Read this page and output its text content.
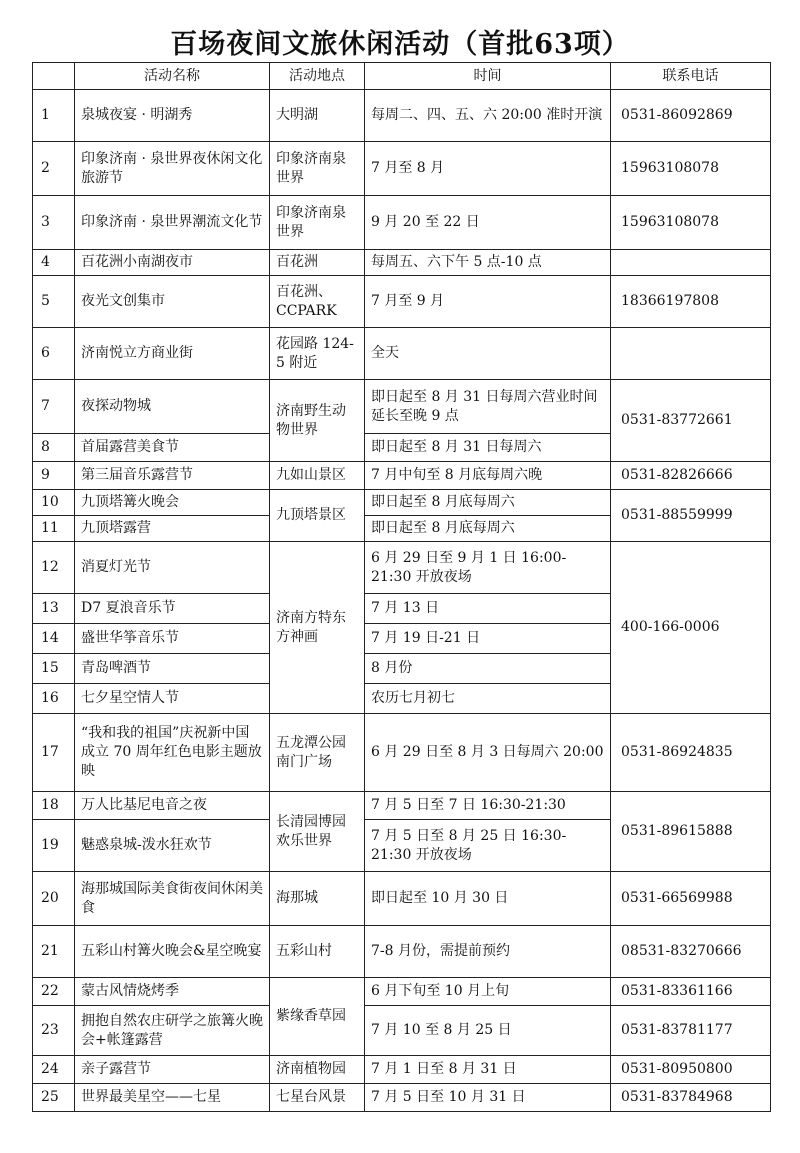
百场夜间文旅休闲活动（首批63项）
	活动名称	活动地点	时间	联系电话
1	泉城夜宴 · 明湖秀	大明湖	每周二、四、五、六 20:00 准时开演	0531-86092869
2	印象济南 · 泉世界夜休闲文化旅游节	印象济南泉世界	7 月至 8 月	15963108078
3	印象济南 · 泉世界潮流文化节	印象济南泉世界	9 月 20 至 22 日	15963108078
4	百花洲小南湖夜市	百花洲	每周五、六下午 5 点-10 点	
5	夜光文创集市	百花洲、CCPARK	7 月至 9 月	18366197808
6	济南悦立方商业街	花园路 124-5 附近	全天	
7	夜探动物城	济南野生动物世界	即日起至 8 月 31 日每周六营业时间延长至晚 9 点	0531-83772661
8	首届露营美食节		即日起至 8 月 31 日每周六	
9	第三届音乐露营节	九如山景区	7 月中旬至 8 月底每周六晚	0531-82826666
10	九顶塔篝火晚会	九顶塔景区	即日起至 8 月底每周六	0531-88559999
11	九顶塔露营		即日起至 8 月底每周六	
12	消夏灯光节	济南方特东方神画	6 月 29 日至 9 月 1 日 16:00-21:30 开放夜场	400-166-0006
13	D7 夏浪音乐节		7 月 13 日	
14	盛世华筝音乐节		7 月 19 日-21 日	
15	青岛啤酒节		8 月份	
16	七夕星空情人节		农历七月初七	
17	“我和我的祖国”庆祝新中国成立 70 周年红色电影主题放映	五龙潭公园南门广场	6 月 29 日至 8 月 3 日每周六 20:00	0531-86924835
18	万人比基尼电音之夜	长清园博园欢乐世界	7 月 5 日至 7 日 16:30-21:30	0531-89615888
19	魅惑泉城-泼水狂欢节		7 月 5 日至 8 月 25 日 16:30-21:30 开放夜场	
20	海那城国际美食街夜间休闲美食	海那城	即日起至 10 月 30 日	0531-66569988
21	五彩山村篝火晚会&星空晚宴	五彩山村	7-8 月份，需提前预约	08531-83270666
22	蒙古风情烧烤季	紫缘香草园	6 月下旬至 10 月上旬	0531-83361166
23	拥抱自然农庄研学之旅篝火晚会+帐篷露营		7 月 10 至 8 月 25 日	0531-83781177
24	亲子露营节	济南植物园	7 月 1 日至 8 月 31 日	0531-80950800
25	世界最美星空——七星	七星台风景	7 月 5 日至 10 月 31 日	0531-83784968
